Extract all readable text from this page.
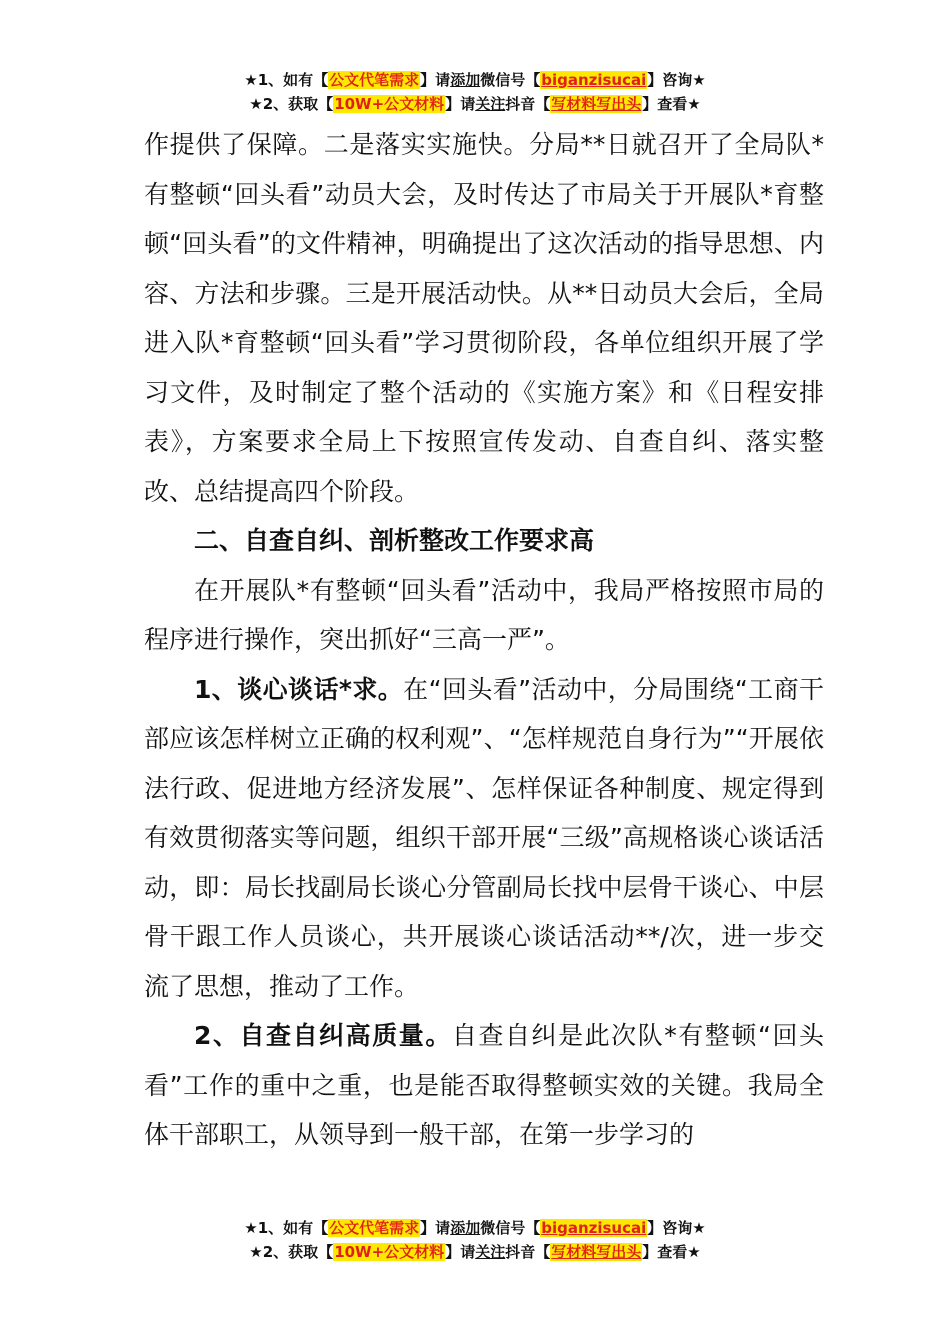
★1、如有【公文代笔需求】请添加微信号【biganzisucai】咨询★
★2、获取【10W+公文材料】请关注抖音【写材料写出头】查看★

作提供了保障。二是落实实施快。分局**日就召开了全局队*有整顿“回头看”动员大会，及时传达了市局关于开展队*育整顿“回头看”的文件精神，明确提出了这次活动的指导思想、内容、方法和步骤。三是开展活动快。从**日动员大会后，全局进入队*育整顿“回头看”学习贯彻阶段，各单位组织开展了学习文件，及时制定了整个活动的《实施方案》和《日程安排表》，方案要求全局上下按照宣传发动、自查自纠、落实整改、总结提高四个阶段。

二、自查自纠、剖析整改工作要求高

在开展队*有整顿“回头看”活动中，我局严格按照市局的程序进行操作，突出抓好“三高一严”。

1、谈心谈话*求。在“回头看”活动中，分局围绕“工商干部应该怎样树立正确的权利观”、“怎样规范自身行为”“开展依法行政、促进地方经济发展”、怎样保证各种制度、规定得到有效贯彻落实等问题，组织干部开展“三级”高规格谈心谈话活动，即：局长找副局长谈心分管副局长找中层骨干谈心、中层骨干跟工作人员谈心，共开展谈心谈话活动**/次，进一步交流了思想，推动了工作。

2、自查自纠高质量。自查自纠是此次队*有整顿“回头看”工作的重中之重，也是能否取得整顿实效的关键。我局全体干部职工，从领导到一般干部，在第一步学习的

★1、如有【公文代笔需求】请添加微信号【biganzisucai】咨询★
★2、获取【10W+公文材料】请关注抖音【写材料写出头】查看★
